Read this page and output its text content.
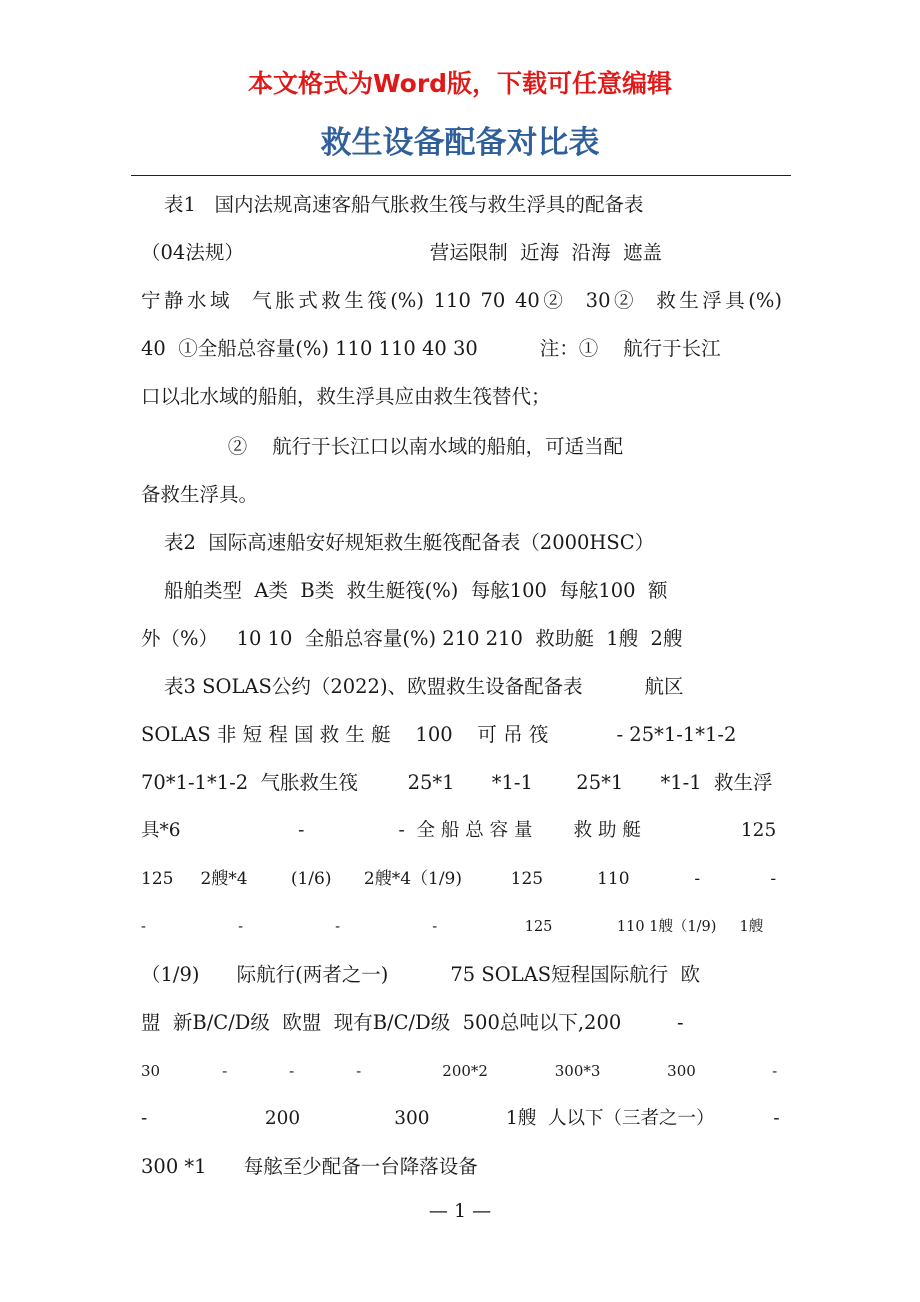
本文格式为Word版，下载可任意编辑

救生设备配备对比表

表1   国内法规高速客船气胀救生筏与救生浮具的配备表

（04法规）                              营运限制  近海  沿海  遮盖

宁静水域  气胀式救生筏(%) 110 70 40②  30②  救生浮具(%)

40  ①全船总容量(%) 110 110 40 30          注：①    航行于长江

口以北水域的船舶，救生浮具应由救生筏替代；

②    航行于长江口以南水域的船舶，可适当配

备救生浮具。

表2  国际高速船安好规矩救生艇筏配备表（2000HSC）

船舶类型  A类  B类  救生艇筏(%)  每舷100  每舷100  额

外（%）   10 10  全船总容量(%) 210 210  救助艇  1艘  2艘

表3 SOLAS公约（2022)、欧盟救生设备配备表          航区

SOLAS 非 短 程 国 救 生 艇    100    可 吊 筏           - 25*1-1*1-2

70*1-1*1-2  气胀救生筏        25*1      *1-1       25*1      *1-1  救生浮

具*6                    -                -  全 船 总 容 量       救 助 艇                 125

125     2艘*4        (1/6)      2艘*4（1/9)         125          110            -             -

-                    -                    -                    -                   125              110 1艘（1/9)     1艘

（1/9)      际航行(两者之一)          75 SOLAS短程国际航行  欧

盟  新B/C/D级  欧盟  现有B/C/D级  500总吨以下,200         -

30             -             -             -                 200*2              300*3              300                -

-                    200                300             1艘  人以下（三者之一）          -

300 *1      每舷至少配备一台降落设备

— 1 —
